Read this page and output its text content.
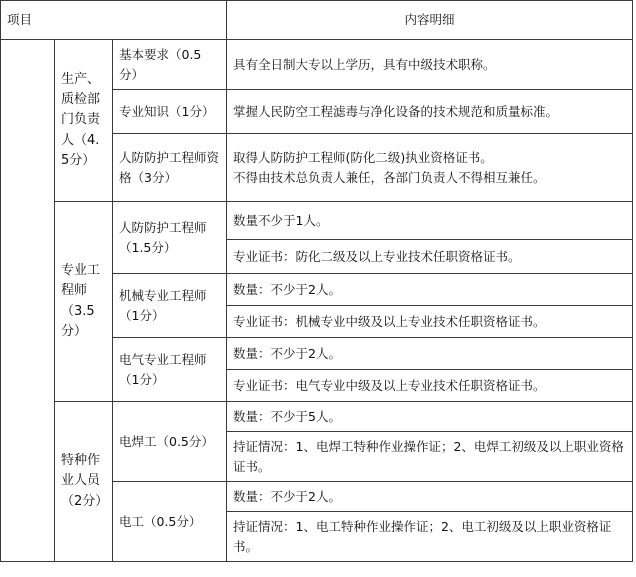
项目			内容明细
	生产、质检部门负责人（4.5分）	基本要求（0.5分）	具有全日制大专以上学历，具有中级技术职称。
		专业知识（1分）	掌握人民防空工程滤毒与净化设备的技术规范和质量标准。
		人防防护工程师资格（3分）	取得人防防护工程师(防化二级)执业资格证书。
不得由技术总负责人兼任，各部门负责人不得相互兼任。
	专业工程师（3.5分）	人防防护工程师（1.5分）	数量不少于1人。
			专业证书：防化二级及以上专业技术任职资格证书。
		机械专业工程师（1分）	数量：不少于2人。
			专业证书：机械专业中级及以上专业技术任职资格证书。
		电气专业工程师（1分）	数量：不少于2人。
			专业证书：电气专业中级及以上专业技术任职资格证书。
	特种作业人员（2分）	电焊工（0.5分）	数量：不少于5人。
			持证情况：1、电焊工特种作业操作证；2、电焊工初级及以上职业资格证书。
		电工（0.5分）	数量：不少于2人。
			持证情况：1、电工特种作业操作证；2、电工初级及以上职业资格证书。
